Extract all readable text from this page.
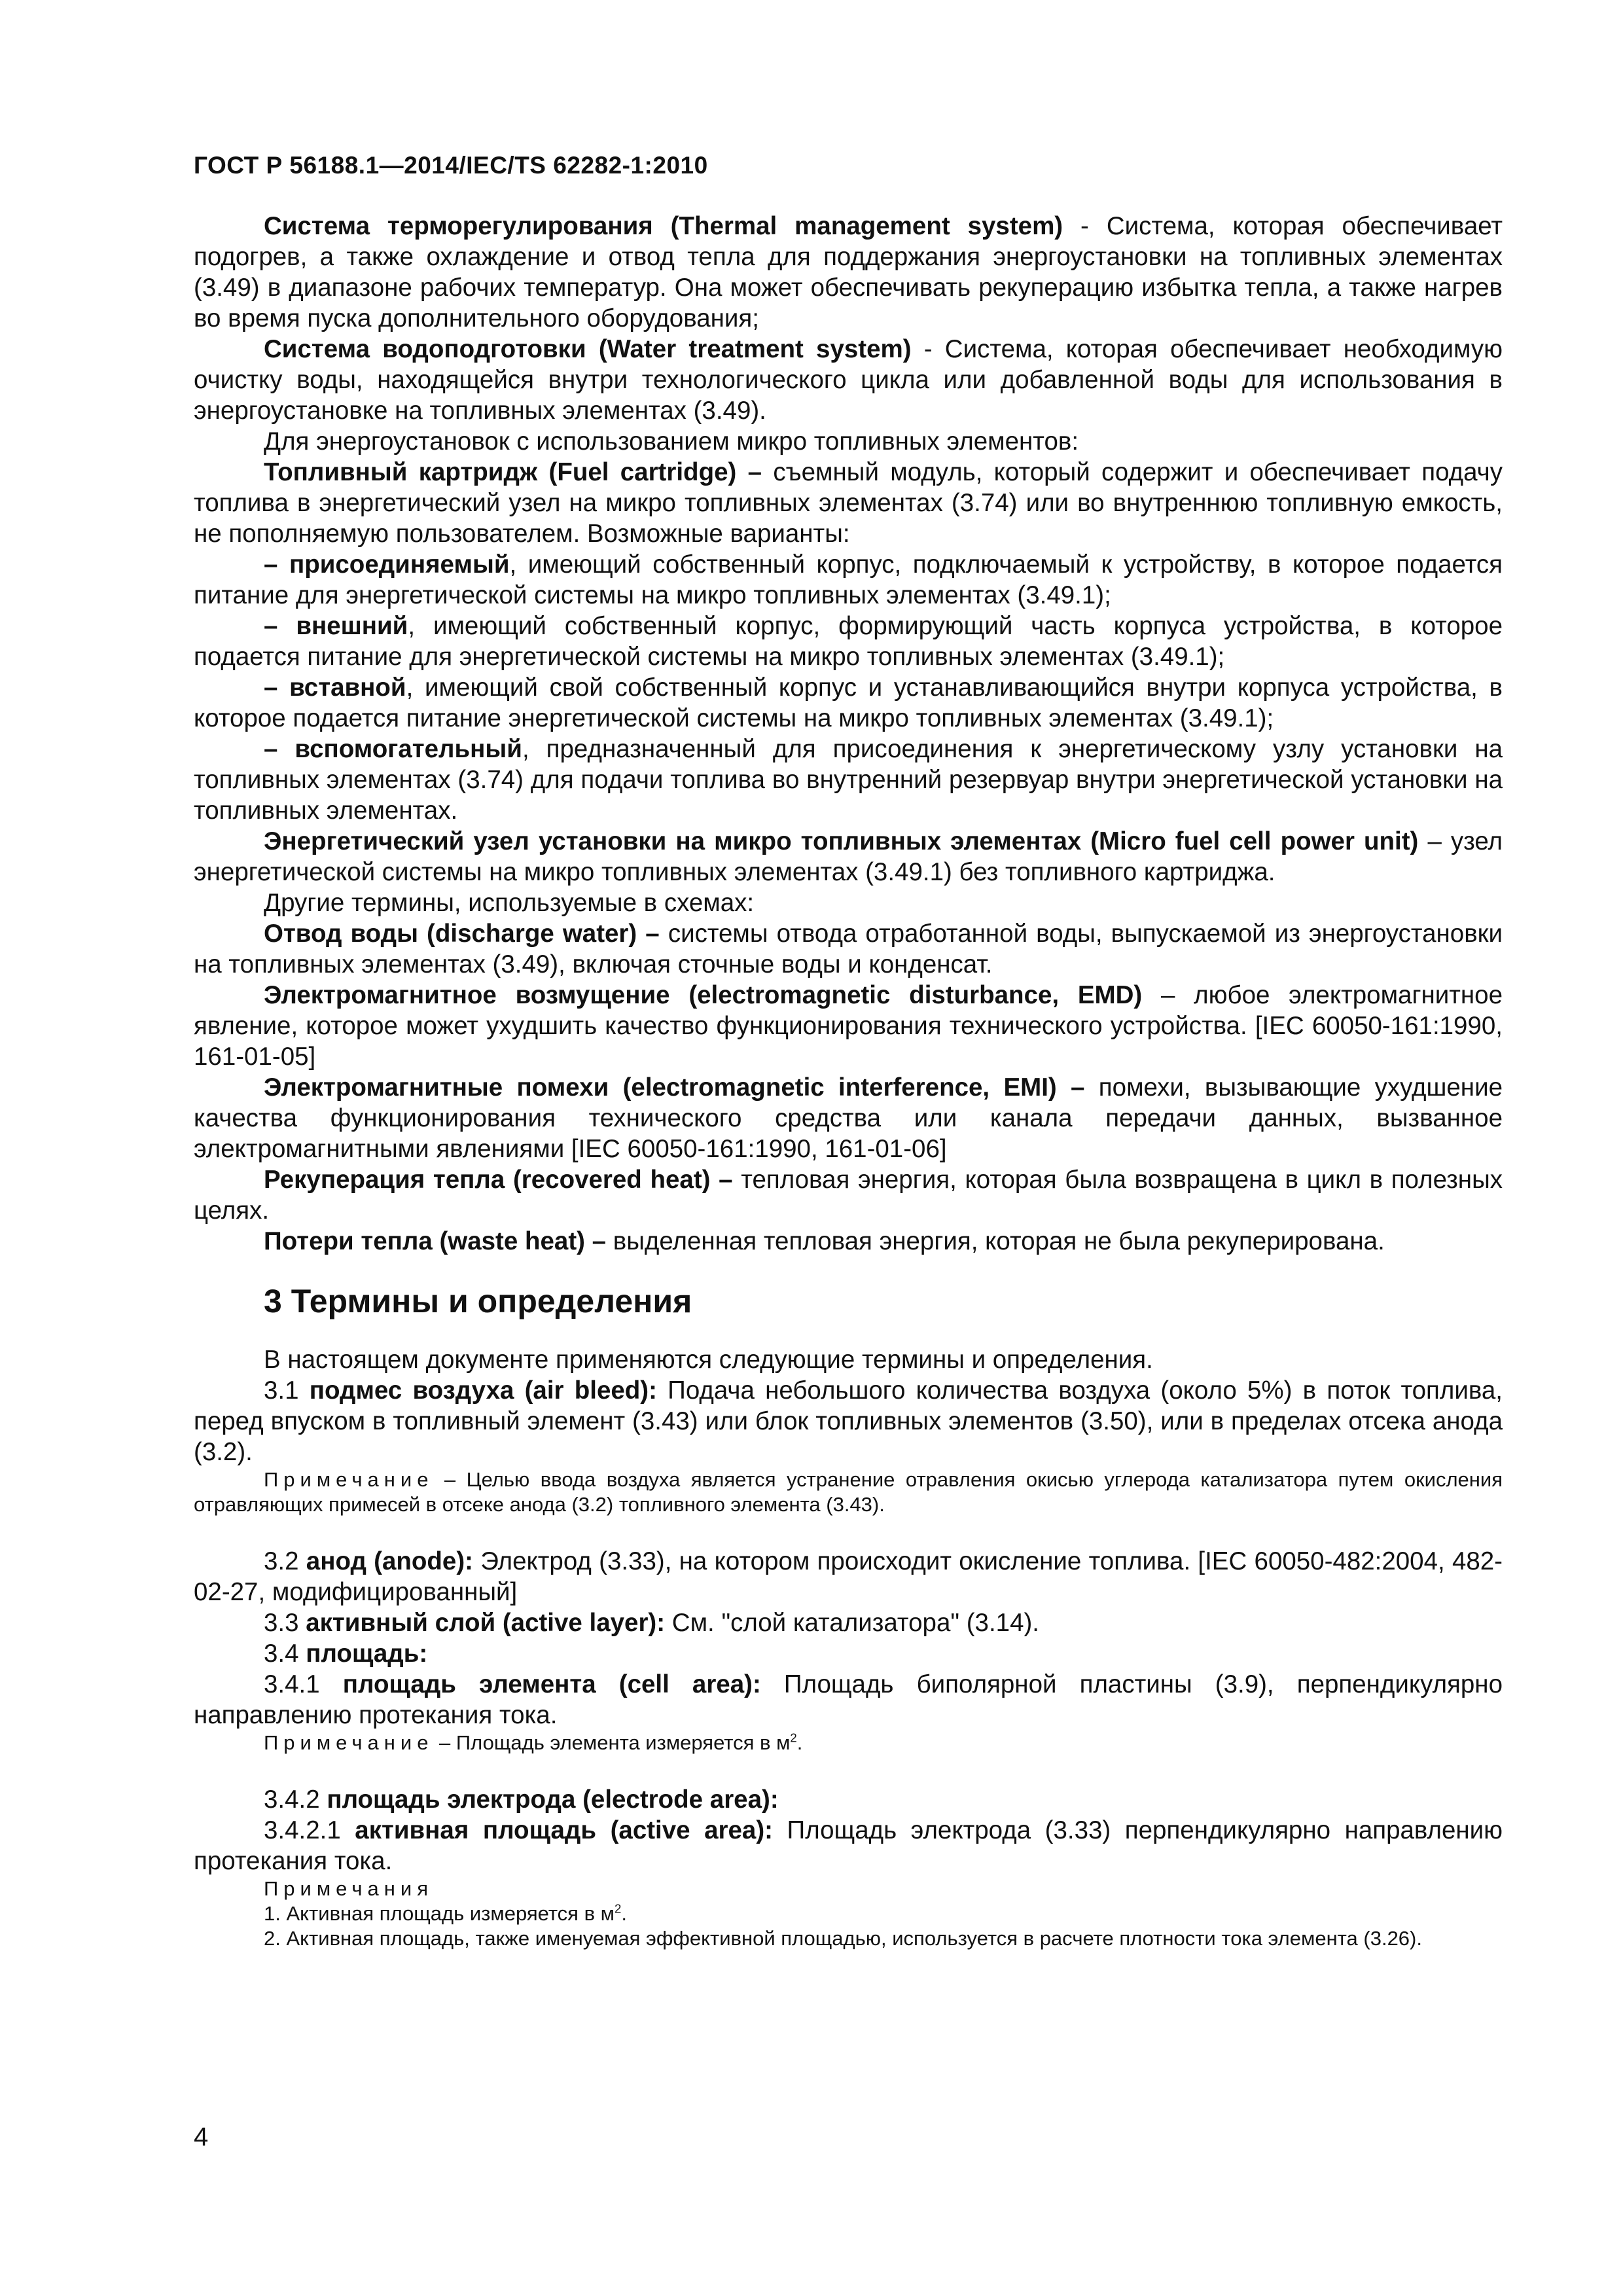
ГОСТ Р 56188.1—2014/IEC/TS 62282-1:2010

Система терморегулирования (Thermal management system) - Система, которая обеспечивает подогрев, а также охлаждение и отвод тепла для поддержания энергоустановки на топливных элементах (3.49) в диапазоне рабочих температур. Она может обеспечивать рекуперацию избытка тепла, а также нагрев во время пуска дополнительного оборудования;

Система водоподготовки (Water treatment system) - Система, которая обеспечивает необходимую очистку воды, находящейся внутри технологического цикла или добавленной воды для использования в энергоустановке на топливных элементах (3.49).

Для энергоустановок с использованием микро топливных элементов:

Топливный картридж (Fuel cartridge) – съемный модуль, который содержит и обеспечивает подачу топлива в энергетический узел на микро топливных элементах (3.74) или во внутреннюю топливную емкость, не пополняемую пользователем. Возможные варианты:

– присоединяемый, имеющий собственный корпус, подключаемый к устройству, в которое подается питание для энергетической системы на микро топливных элементах (3.49.1);

– внешний, имеющий собственный корпус, формирующий часть корпуса устройства, в которое подается питание для энергетической системы на микро топливных элементах (3.49.1);

– вставной, имеющий свой собственный корпус и устанавливающийся внутри корпуса устройства, в которое подается питание энергетической системы на микро топливных элементах (3.49.1);

– вспомогательный, предназначенный для присоединения к энергетическому узлу установки на топливных элементах (3.74) для подачи топлива во внутренний резервуар внутри энергетической установки на топливных элементах.

Энергетический узел установки на микро топливных элементах (Micro fuel cell power unit) – узел энергетической системы на микро топливных элементах (3.49.1) без топливного картриджа.

Другие термины, используемые в схемах:

Отвод воды (discharge water) – системы отвода отработанной воды, выпускаемой из энергоустановки на топливных элементах (3.49), включая сточные воды и конденсат.

Электромагнитное возмущение (electromagnetic disturbance, EMD) – любое электромагнитное явление, которое может ухудшить качество функционирования технического устройства. [IEC 60050-161:1990, 161-01-05]

Электромагнитные помехи (electromagnetic interference, EMI) – помехи, вызывающие ухудшение качества функционирования технического средства или канала передачи данных, вызванное электромагнитными явлениями [IEC 60050-161:1990, 161-01-06]

Рекуперация тепла (recovered heat) – тепловая энергия, которая была возвращена в цикл в полезных целях.

Потери тепла (waste heat) – выделенная тепловая энергия, которая не была рекуперирована.

3 Термины и определения

В настоящем документе применяются следующие термины и определения.

3.1 подмес воздуха (air bleed): Подача небольшого количества воздуха (около 5%) в поток топлива, перед впуском в топливный элемент (3.43) или блок топливных элементов (3.50), или в пределах отсека анода (3.2).

Примечание – Целью ввода воздуха является устранение отравления окисью углерода катализатора путем окисления отравляющих примесей в отсеке анода (3.2) топливного элемента (3.43).

3.2 анод (anode): Электрод (3.33), на котором происходит окисление топлива. [IEC 60050-482:2004, 482-02-27, модифицированный]

3.3 активный слой (active layer): См. "слой катализатора" (3.14).

3.4 площадь:

3.4.1 площадь элемента (cell area): Площадь биполярной пластины (3.9), перпендикулярно направлению протекания тока.

Примечание – Площадь элемента измеряется в $м^2$.

3.4.2 площадь электрода (electrode area):

3.4.2.1 активная площадь (active area): Площадь электрода (3.33) перпендикулярно направлению протекания тока.

Примечания

1. Активная площадь измеряется в $м^2$.

2. Активная площадь, также именуемая эффективной площадью, используется в расчете плотности тока элемента (3.26).

4
